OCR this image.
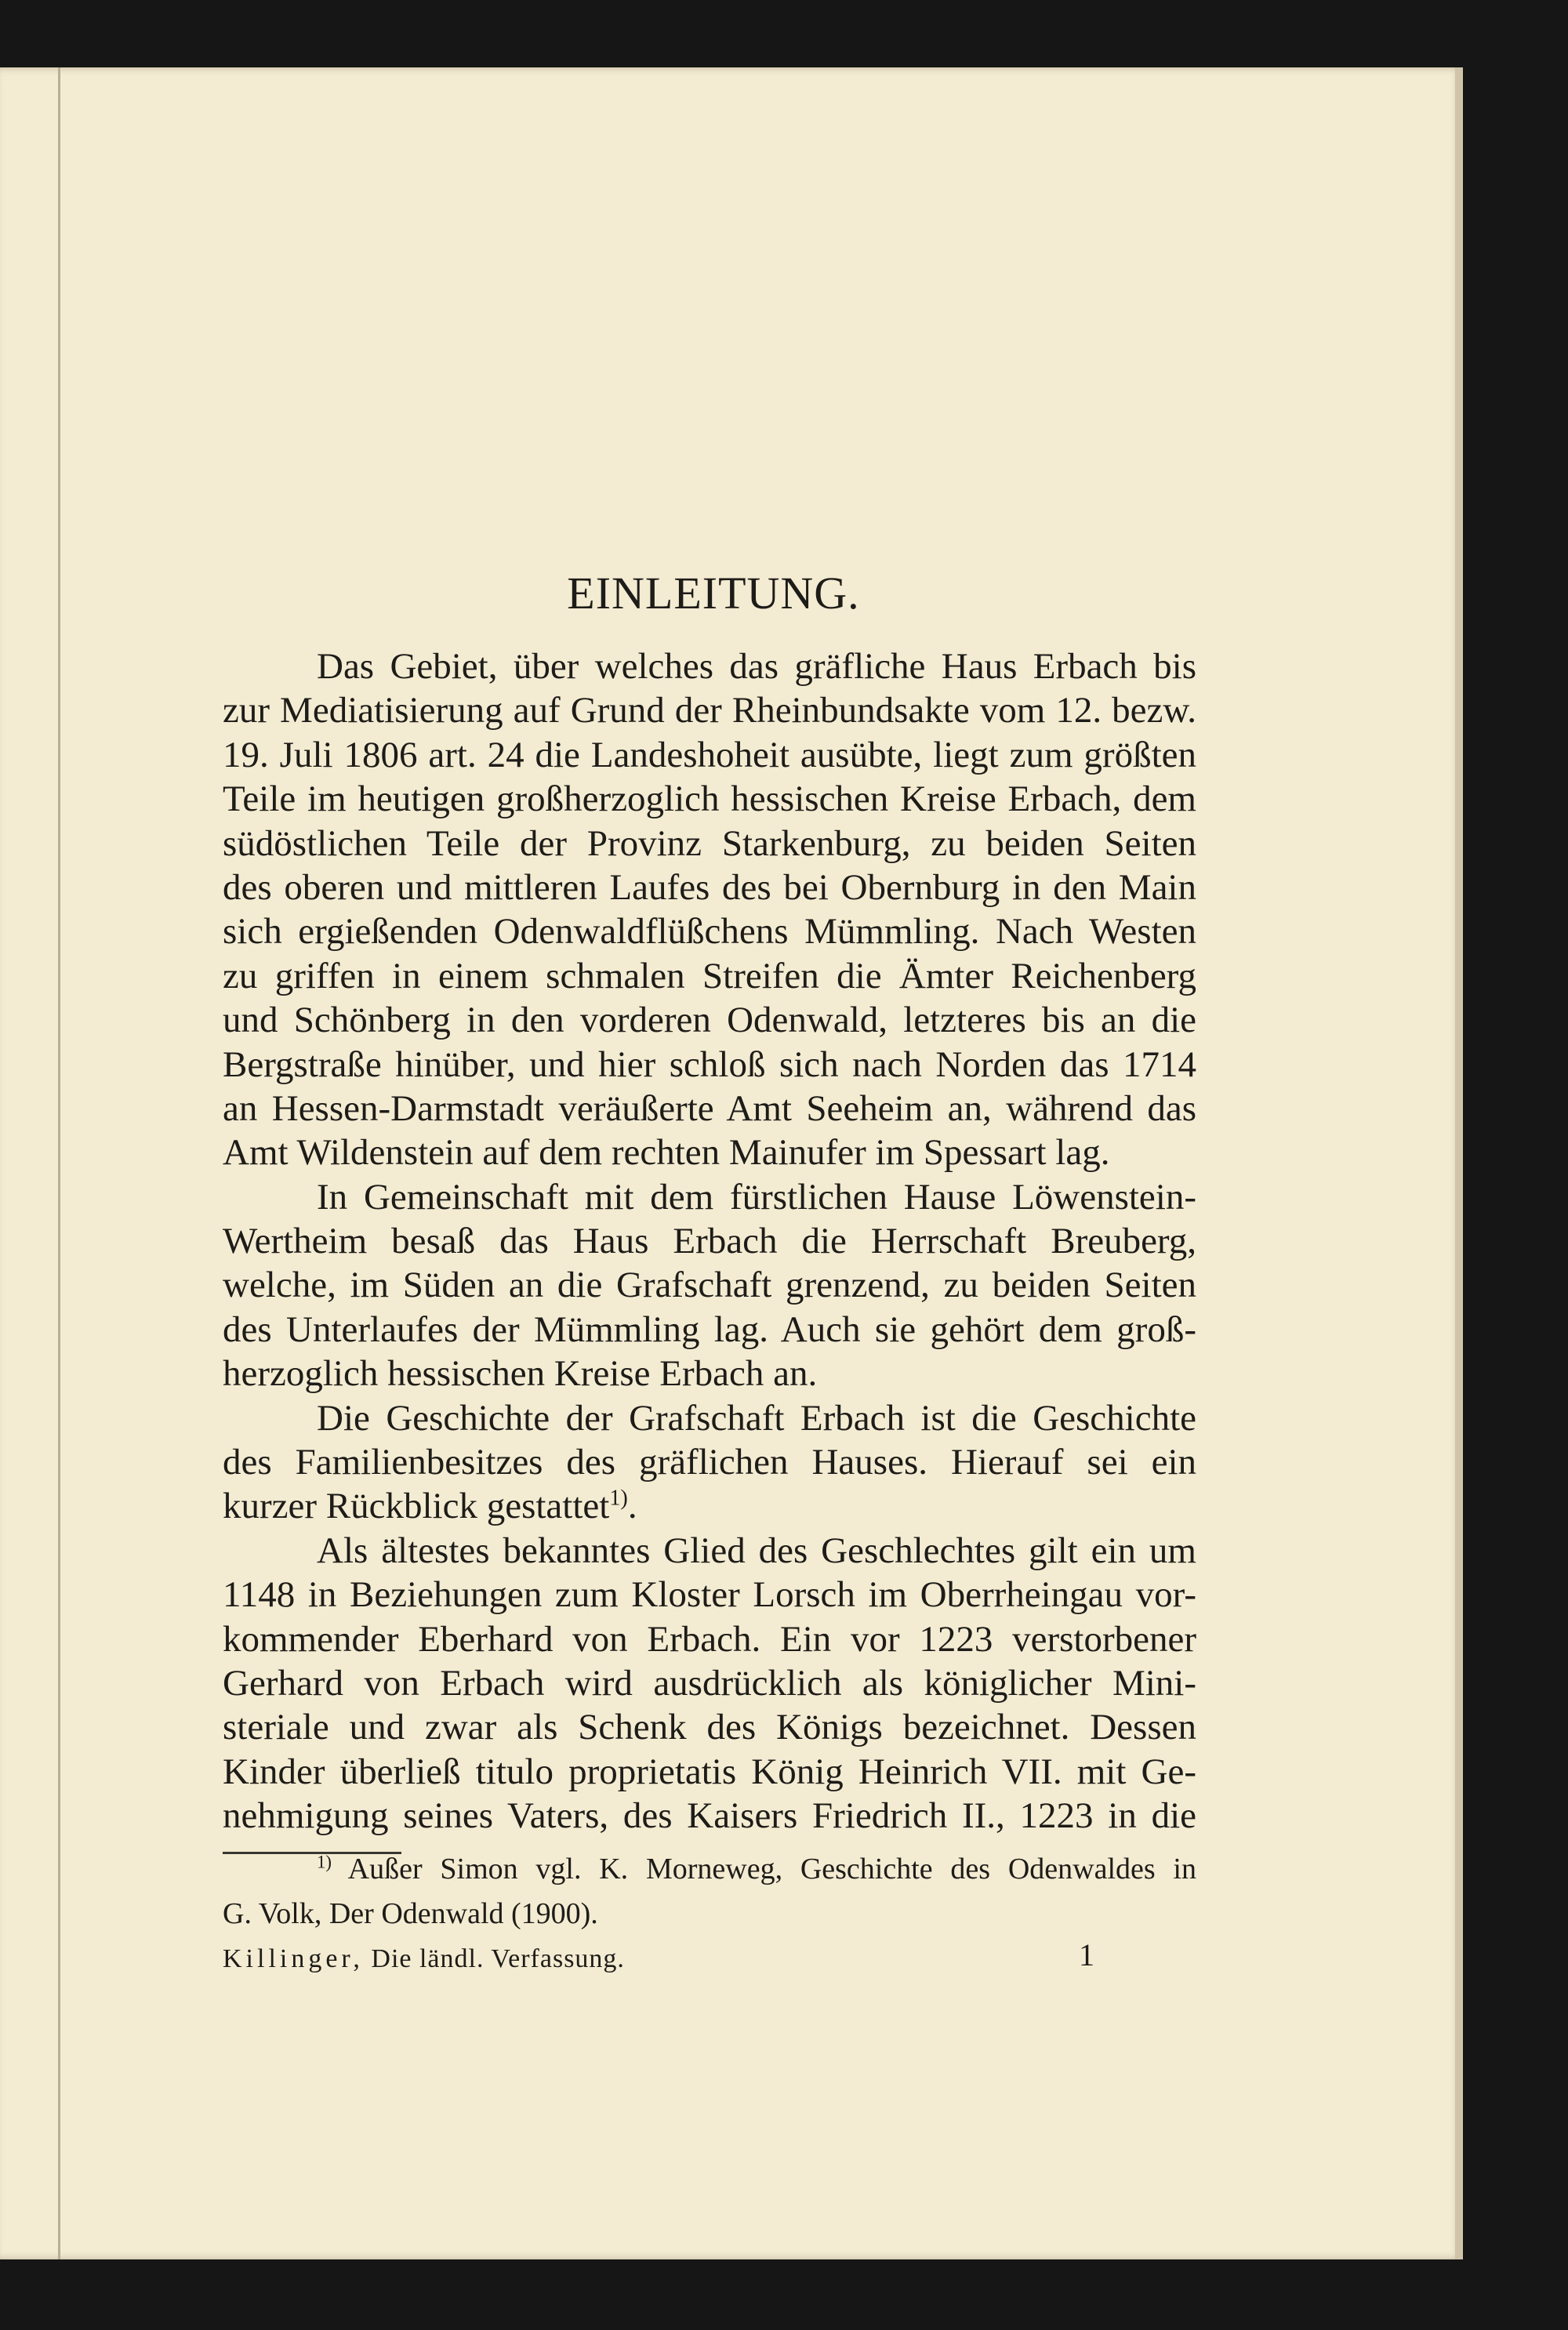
EINLEITUNG.
Das Gebiet, über welches das gräfliche Haus Erbach bis
zur Mediatisierung auf Grund der Rheinbundsakte vom 12. bezw.
19. Juli 1806 art. 24 die Landeshoheit ausübte, liegt zum größten
Teile im heutigen großherzoglich hessischen Kreise Erbach, dem
südöstlichen Teile der Provinz Starkenburg, zu beiden Seiten
des oberen und mittleren Laufes des bei Obernburg in den Main
sich ergießenden Odenwaldflüßchens Mümmling. Nach Westen
zu griffen in einem schmalen Streifen die Ämter Reichenberg
und Schönberg in den vorderen Odenwald, letzteres bis an die
Bergstraße hinüber, und hier schloß sich nach Norden das 1714
an Hessen-Darmstadt veräußerte Amt Seeheim an, während das
Amt Wildenstein auf dem rechten Mainufer im Spessart lag.
In Gemeinschaft mit dem fürstlichen Hause Löwenstein-
Wertheim besaß das Haus Erbach die Herrschaft Breuberg,
welche, im Süden an die Grafschaft grenzend, zu beiden Seiten
des Unterlaufes der Mümmling lag. Auch sie gehört dem groß-
herzoglich hessischen Kreise Erbach an.
Die Geschichte der Grafschaft Erbach ist die Geschichte
des Familienbesitzes des gräflichen Hauses. Hierauf sei ein
kurzer Rückblick gestattet$^{1)}$.
Als ältestes bekanntes Glied des Geschlechtes gilt ein um
1148 in Beziehungen zum Kloster Lorsch im Oberrheingau vor-
kommender Eberhard von Erbach. Ein vor 1223 verstorbener
Gerhard von Erbach wird ausdrücklich als königlicher Mini-
steriale und zwar als Schenk des Königs bezeichnet. Dessen
Kinder überließ titulo proprietatis König Heinrich VII. mit Ge-
nehmigung seines Vaters, des Kaisers Friedrich II., 1223 in die
$^{1)}$ Außer Simon vgl. K. Morneweg, Geschichte des Odenwaldes in
G. Volk, Der Odenwald (1900).
Killinger, Die ländl. Verfassung.	1
